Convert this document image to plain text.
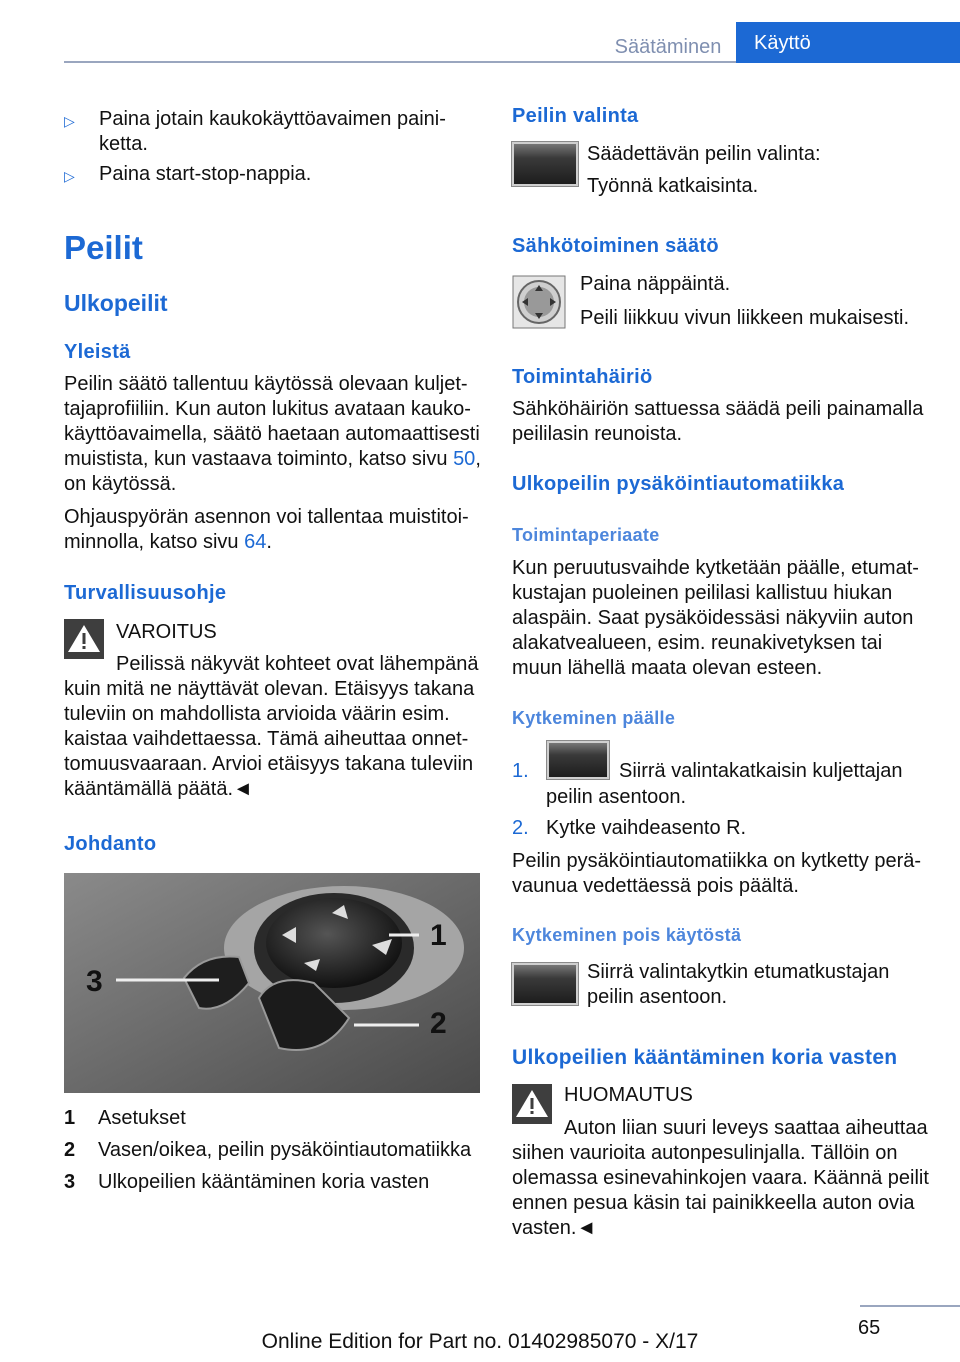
Säätäminen	Käyttö
▷ Paina jotain kaukokäyttöavaimen paini‐
ketta.
▷ Paina start-stop-nappia.
Peilit
Ulkopeilit
Yleistä
Peilin säätö tallentuu käytössä olevaan kuljet‐
tajaprofiiliin. Kun auton lukitus avataan kauko‐
käyttöavaimella, säätö haetaan automaattisesti
muistista, kun vastaava toiminto, katso sivu 50,
on käytössä.
Ohjauspyörän asennon voi tallentaa muistitoi‐
minnolla, katso sivu 64.
Turvallisuusohje
VAROITUS
Peilissä näkyvät kohteet ovat lähempänä
kuin mitä ne näyttävät olevan. Etäisyys takana
tuleviin on mahdollista arvioida väärin esim.
kaistaa vaihdettaessa. Tämä aiheuttaa onnet‐
tomuusvaaraan. Arvioi etäisyys takana tuleviin
kääntämällä päätä.◄
Johdanto
3
1
2
1 Asetukset
2 Vasen/oikea, peilin pysäköintiautomatiikka
3 Ulkopeilien kääntäminen koria vasten
Peilin valinta
Säädettävän peilin valinta:
Työnnä katkaisinta.
Sähkötoiminen säätö
Paina näppäintä.
Peili liikkuu vivun liikkeen mukaisesti.
Toimintahäiriö
Sähköhäiriön sattuessa säädä peili painamalla
peililasin reunoista.
Ulkopeilin pysäköintiautomatiikka
Toimintaperiaate
Kun peruutusvaihde kytketään päälle, etumat‐
kustajan puoleinen peililasi kallistuu hiukan
alaspäin. Saat pysäköidessäsi näkyviin auton
alakatvealueen, esim. reunakivetyksen tai
muun lähellä maata olevan esteen.
Kytkeminen päälle
1.	Siirrä valintakatkaisin kuljettajan
peilin asentoon.
2. Kytke vaihdeasento R.
Peilin pysäköintiautomatiikka on kytketty perä‐
vaunua vedettäessä pois päältä.
Kytkeminen pois käytöstä
Siirrä valintakytkin etumatkustajan
peilin asentoon.
Ulkopeilien kääntäminen koria vasten
HUOMAUTUS
Auton liian suuri leveys saattaa aiheuttaa
siihen vaurioita autonpesulinjalla. Tällöin on
olemassa esinevahinkojen vaara. Käännä peilit
ennen pesua käsin tai painikkeella auton ovia
vasten.◄
65
Online Edition for Part no. 01402985070 - X/17
